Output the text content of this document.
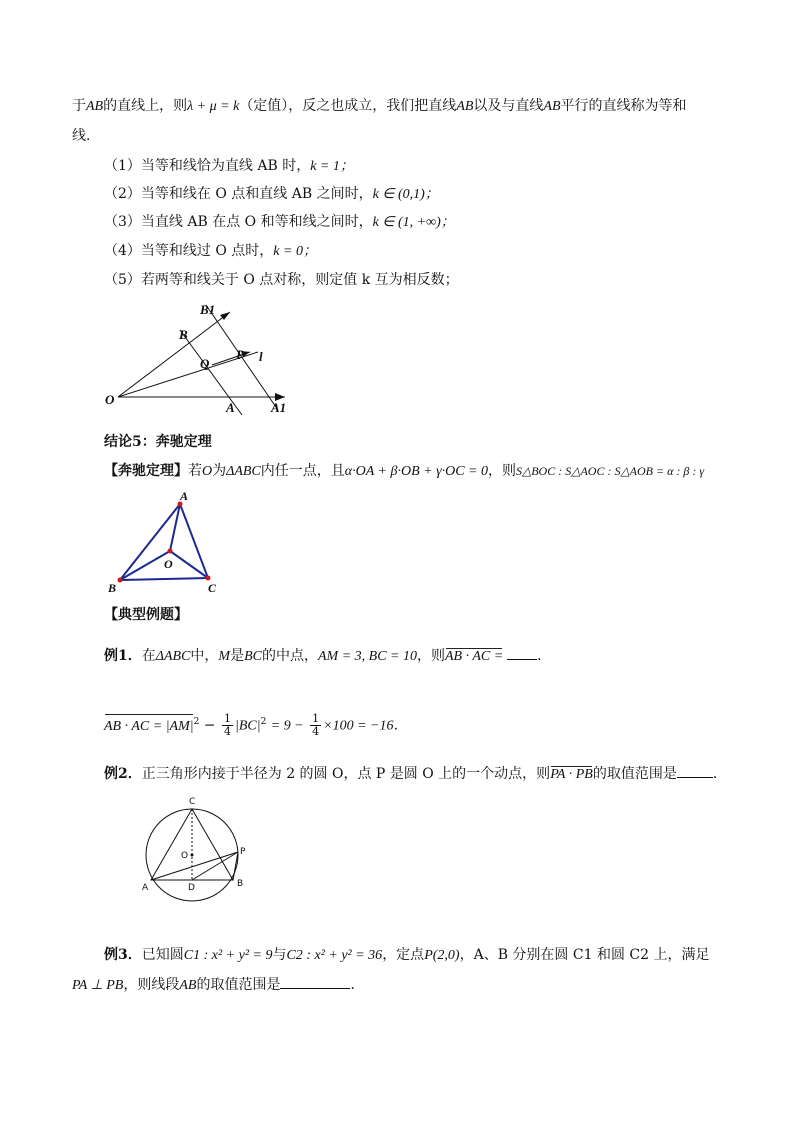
于AB的直线上，则λ + μ = k（定值），反之也成立，我们把直线AB以及与直线AB平行的直线称为等和
线.
（1）当等和线恰为直线 AB 时，k = 1；
（2）当等和线在 O 点和直线 AB 之间时，k ∈ (0,1)；
（3）当直线 AB 在点 O 和等和线之间时，k ∈ (1, +∞)；
（4）当等和线过 O 点时，k = 0；
（5）若两等和线关于 O 点对称，则定值 k 互为相反数；
B1
B
Q
P l
O
A	A1
结论5：奔驰定理
【奔驰定理】若O为ΔABC内任一点，且α·OA + β·OB + γ·OC = 0，则S△BOC : S△AOC : S△AOB = α : β : γ
A
O
B	C
【典型例题】
例1．在ΔABC中，M是BC的中点，AM = 3, BC = 10，则AB · AC = ．
AB · AC = $|AM|^2 - \frac{1}{4} |BC|^2 = 9 - \frac{1}{4} \times 100 = -16$．
例2．正三角形内接于半径为 2 的圆 O，点 P 是圆 O 上的一个动点，则PA · PB的取值范围是	．
C
O	P
A	D	B
例3．已知圆C1 : x² + y² = 9与C2 : x² + y² = 36，定点P(2,0)，A、B 分别在圆 C1 和圆 C2 上，满足
PA ⊥ PB，则线段AB的取值范围是	．
